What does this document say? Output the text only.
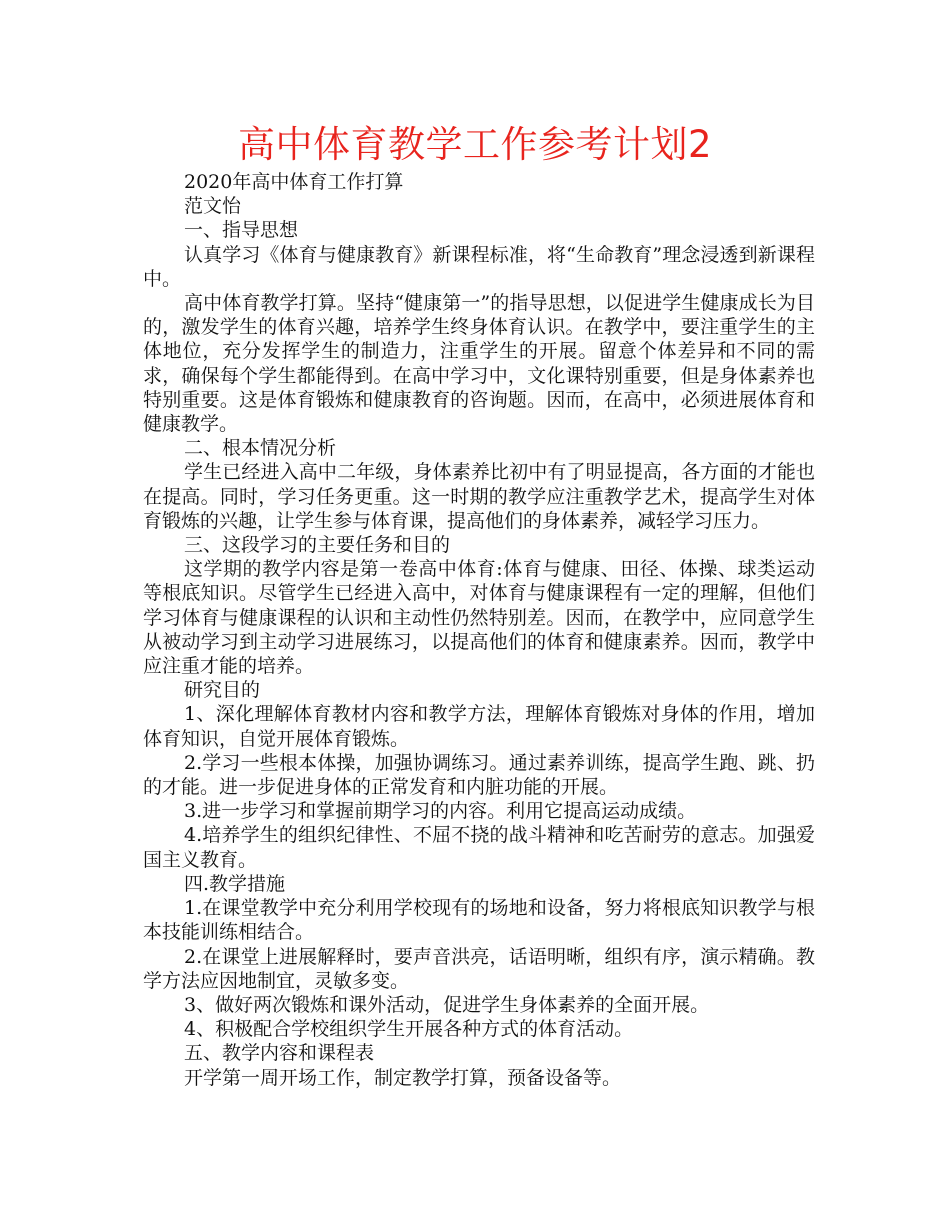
高中体育教学工作参考计划2

2020年高中体育工作打算

范文怡

一、指导思想

认真学习《体育与健康教育》新课程标准，将“生命教育”理念浸透到新课程中。

高中体育教学打算。坚持“健康第一”的指导思想，以促进学生健康成长为目的，激发学生的体育兴趣，培养学生终身体育认识。在教学中，要注重学生的主体地位，充分发挥学生的制造力，注重学生的开展。留意个体差异和不同的需求，确保每个学生都能得到。在高中学习中，文化课特别重要，但是身体素养也特别重要。这是体育锻炼和健康教育的咨询题。因而，在高中，必须进展体育和健康教学。

二、根本情况分析

学生已经进入高中二年级，身体素养比初中有了明显提高，各方面的才能也在提高。同时，学习任务更重。这一时期的教学应注重教学艺术，提高学生对体育锻炼的兴趣，让学生参与体育课，提高他们的身体素养，减轻学习压力。

三、这段学习的主要任务和目的

这学期的教学内容是第一卷高中体育:体育与健康、田径、体操、球类运动等根底知识。尽管学生已经进入高中，对体育与健康课程有一定的理解，但他们学习体育与健康课程的认识和主动性仍然特别差。因而，在教学中，应同意学生从被动学习到主动学习进展练习，以提高他们的体育和健康素养。因而，教学中应注重才能的培养。

研究目的

1、深化理解体育教材内容和教学方法，理解体育锻炼对身体的作用，增加体育知识，自觉开展体育锻炼。

2.学习一些根本体操，加强协调练习。通过素养训练，提高学生跑、跳、扔的才能。进一步促进身体的正常发育和内脏功能的开展。

3.进一步学习和掌握前期学习的内容。利用它提高运动成绩。

4.培养学生的组织纪律性、不屈不挠的战斗精神和吃苦耐劳的意志。加强爱国主义教育。

四.教学措施

1.在课堂教学中充分利用学校现有的场地和设备，努力将根底知识教学与根本技能训练相结合。

2.在课堂上进展解释时，要声音洪亮，话语明晰，组织有序，演示精确。教学方法应因地制宜，灵敏多变。

3、做好两次锻炼和课外活动，促进学生身体素养的全面开展。

4、积极配合学校组织学生开展各种方式的体育活动。

五、教学内容和课程表

开学第一周开场工作，制定教学打算，预备设备等。
